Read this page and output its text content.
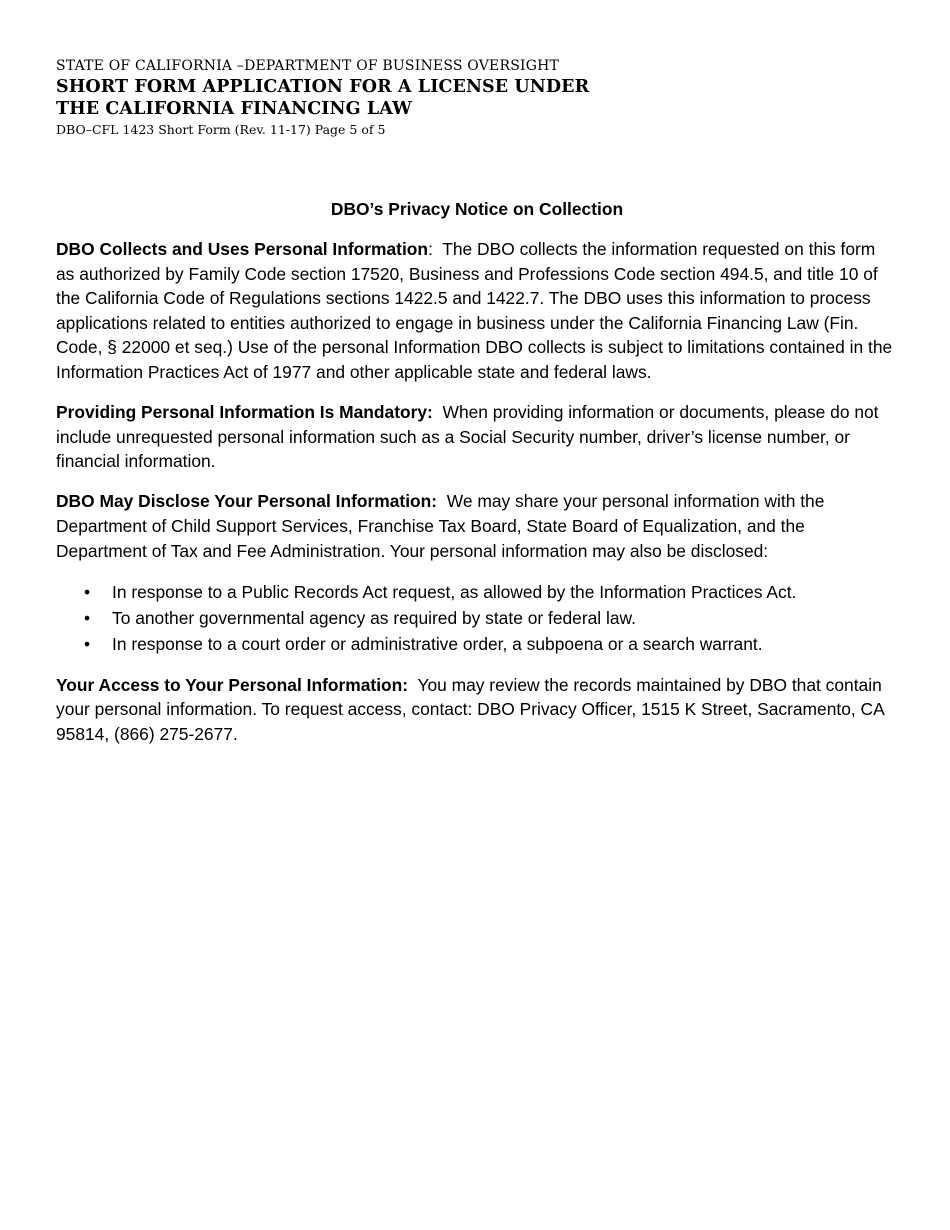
STATE OF CALIFORNIA –DEPARTMENT OF BUSINESS OVERSIGHT
SHORT FORM APPLICATION FOR A LICENSE UNDER
THE CALIFORNIA FINANCING LAW
DBO–CFL 1423 Short Form (Rev. 11-17) Page 5 of 5
DBO’s Privacy Notice on Collection

DBO Collects and Uses Personal Information:  The DBO collects the information requested on this form as authorized by Family Code section 17520, Business and Professions Code section 494.5, and title 10 of the California Code of Regulations sections 1422.5 and 1422.7. The DBO uses this information to process applications related to entities authorized to engage in business under the California Financing Law (Fin. Code, § 22000 et seq.) Use of the personal Information DBO collects is subject to limitations contained in the Information Practices Act of 1977 and other applicable state and federal laws.

Providing Personal Information Is Mandatory: When providing information or documents, please do not include unrequested personal information such as a Social Security number, driver’s license number, or financial information.

DBO May Disclose Your Personal Information: We may share your personal information with the Department of Child Support Services, Franchise Tax Board, State Board of Equalization, and the Department of Tax and Fee Administration. Your personal information may also be disclosed:

• In response to a Public Records Act request, as allowed by the Information Practices Act.
• To another governmental agency as required by state or federal law.
• In response to a court order or administrative order, a subpoena or a search warrant.

Your Access to Your Personal Information: You may review the records maintained by DBO that contain your personal information. To request access, contact: DBO Privacy Officer, 1515 K Street, Sacramento, CA 95814, (866) 275-2677.
